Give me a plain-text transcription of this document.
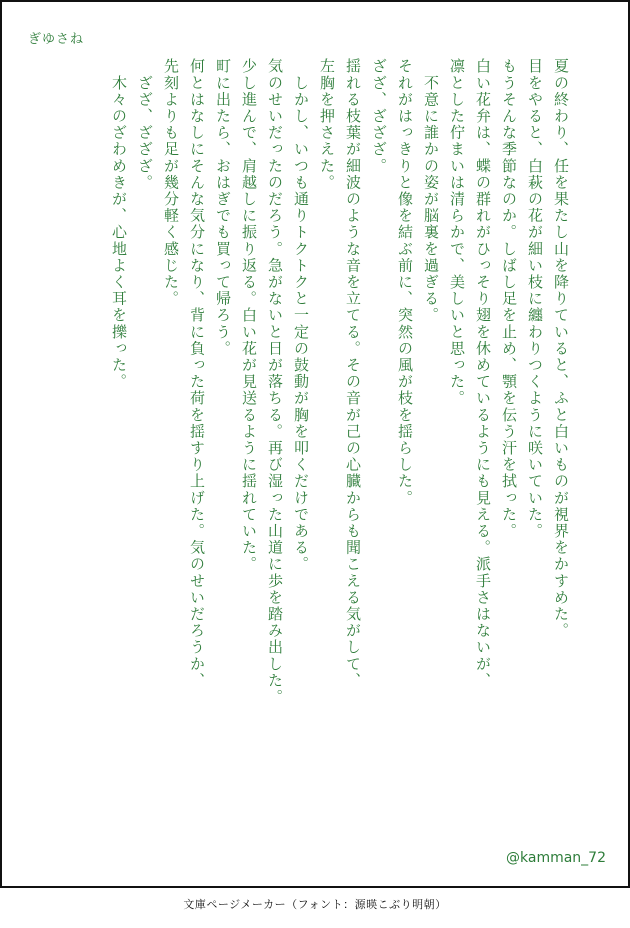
ぎゆさね
夏の終わり、任を果たし山を降りていると、ふと白いものが視界をかすめた。
目をやると、白萩の花が細い枝に纏わりつくように咲いていた。
もうそんな季節なのか。しばし足を止め、顎を伝う汗を拭った。
白い花弁は、蝶の群れがひっそり翅を休めているようにも見える。派手さはないが、
凛とした佇まいは清らかで、美しいと思った。
　不意に誰かの姿が脳裏を過ぎる。
それがはっきりと像を結ぶ前に、突然の風が枝を揺らした。
ざざ、ざざざ。
揺れる枝葉が細波のような音を立てる。その音が己の心臓からも聞こえる気がして、
左胸を押さえた。
　しかし、いつも通りトクトクと一定の鼓動が胸を叩くだけである。
気のせいだったのだろう。急がないと日が落ちる。再び湿った山道に歩を踏み出した。
少し進んで、肩越しに振り返る。白い花が見送るように揺れていた。
町に出たら、おはぎでも買って帰ろう。
何とはなしにそんな気分になり、背に負った荷を揺すり上げた。気のせいだろうか、
先刻よりも足が幾分軽く感じた。
　ざざ、ざざざ。
　木々のざわめきが、心地よく耳を擽った。
@kamman_72
文庫ページメーカー（フォント：源暎こぶり明朝）
